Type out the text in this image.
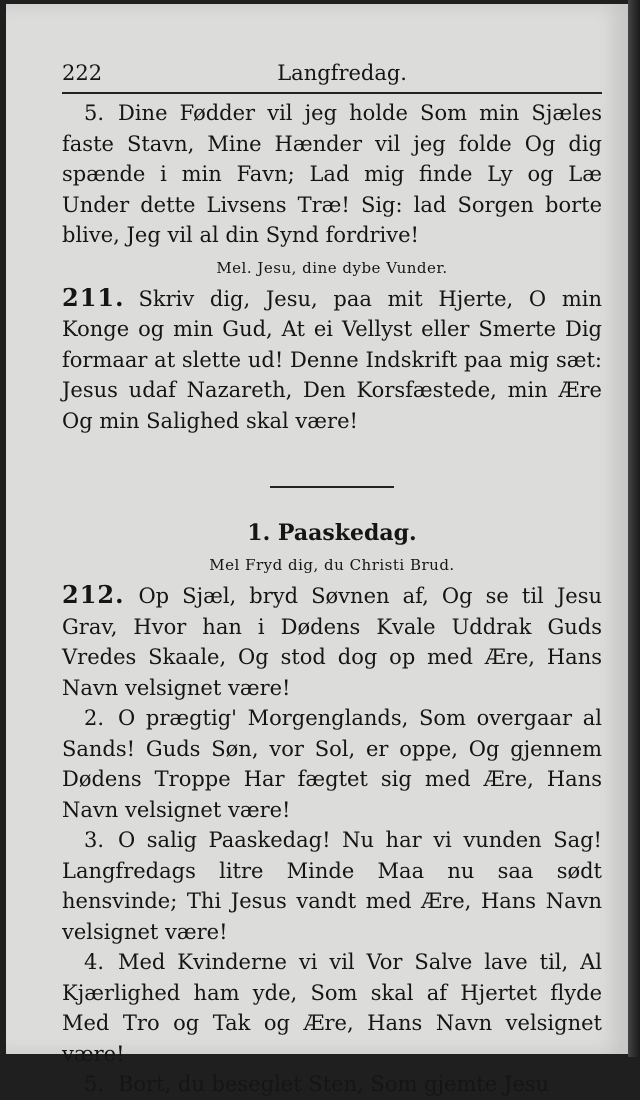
222	Langfredag.

5. Dine Fødder vil jeg holde Som min Sjæles faste Stavn, Mine Hænder vil jeg folde Og dig spænde i min Favn; Lad mig finde Ly og Læ Under dette Livsens Træ! Sig: lad Sorgen borte blive, Jeg vil al din Synd fordrive!

Mel. Jesu, dine dybe Vunder.

211. Skriv dig, Jesu, paa mit Hjerte, O min Konge og min Gud, At ei Vellyst eller Smerte Dig formaar at slette ud! Denne Indskrift paa mig sæt: Jesus udaf Nazareth, Den Korsfæstede, min Ære Og min Salighed skal være!

1. Paaskedag.
Mel Fryd dig, du Christi Brud.

212. Op Sjæl, bryd Søvnen af, Og se til Jesu Grav, Hvor han i Dødens Kvale Uddrak Guds Vredes Skaale, Og stod dog op med Ære, Hans Navn velsignet være!

2. O prægtig' Morgenglands, Som overgaar al Sands! Guds Søn, vor Sol, er oppe, Og gjennem Dødens Troppe Har fægtet sig med Ære, Hans Navn velsignet være!

3. O salig Paaskedag! Nu har vi vunden Sag! Langfredags litre Minde Maa nu saa sødt hensvinde; Thi Jesus vandt med Ære, Hans Navn velsignet være!

4. Med Kvinderne vi vil Vor Salve lave til, Al Kjærlighed ham yde, Som skal af Hjertet flyde Med Tro og Tak og Ære, Hans Navn velsignet være!

5. Bort, du beseglet Sten, Som gjemte Jesu
